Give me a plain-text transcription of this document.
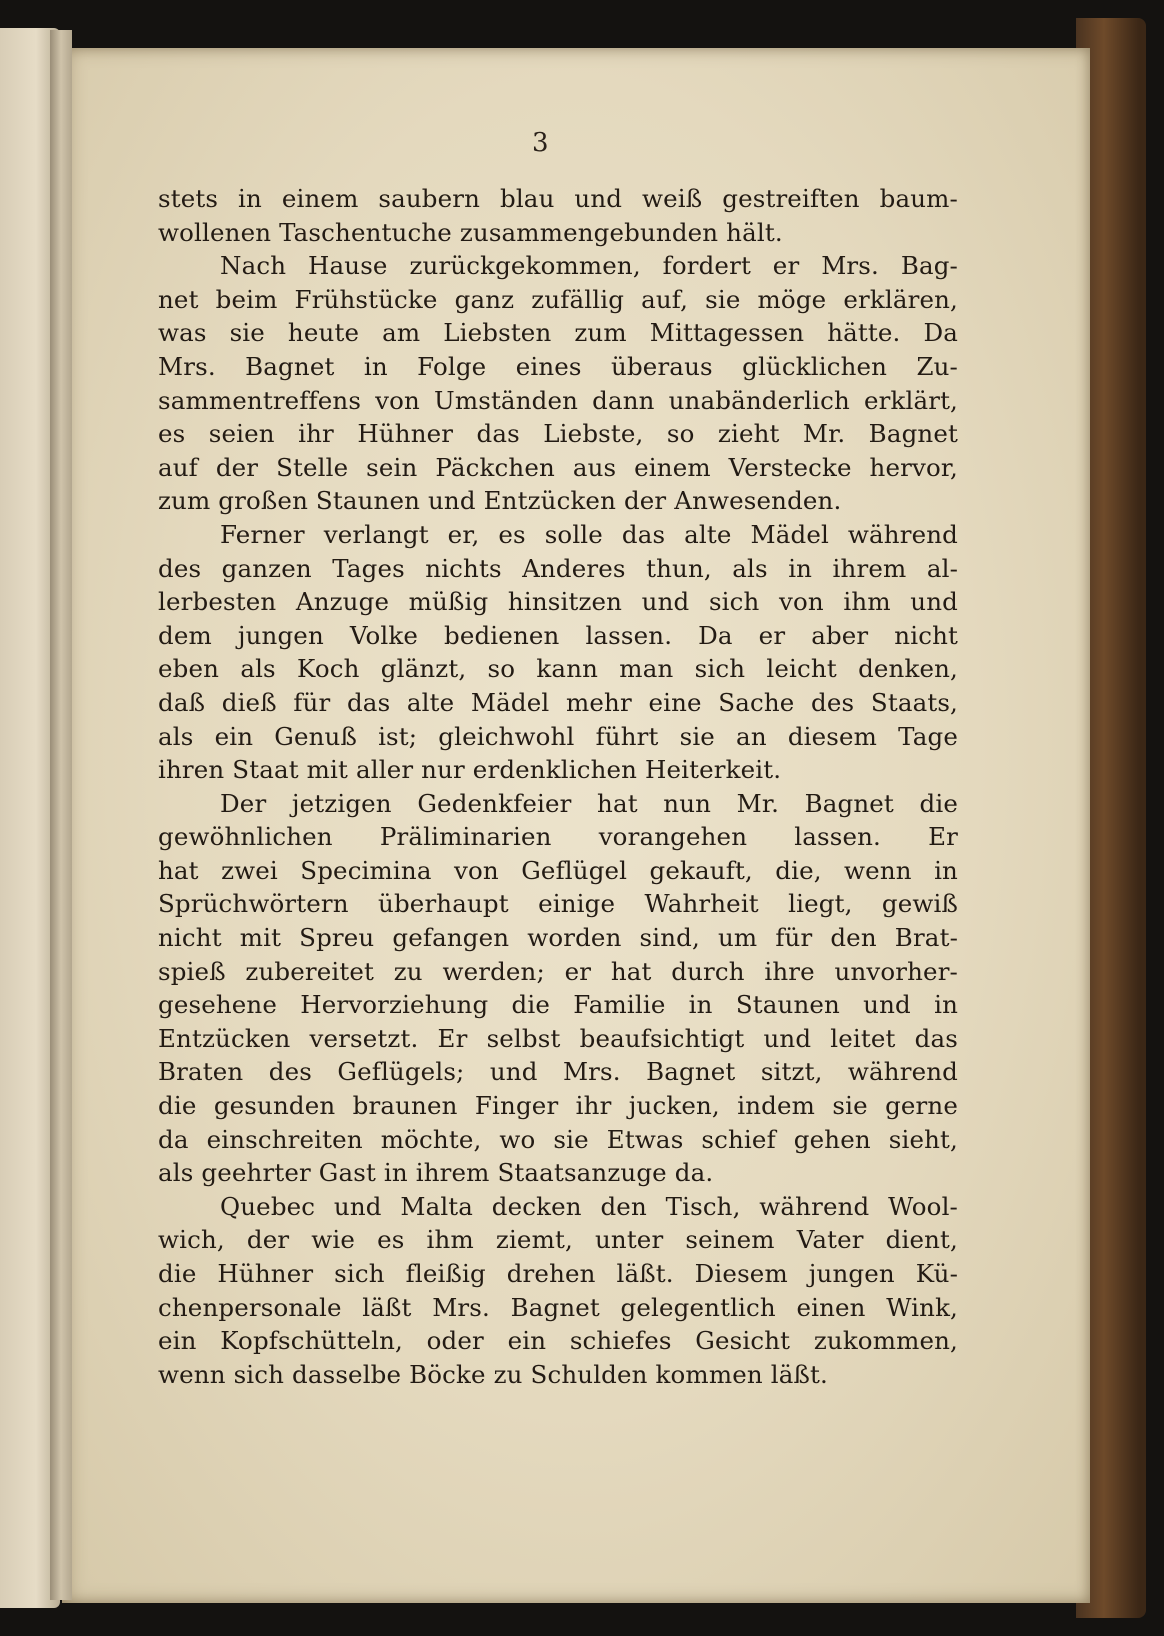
3
stets in einem saubern blau und weiß gestreiften baum-
wollenen Taschentuche zusammengebunden hält.
Nach Hause zurückgekommen, fordert er Mrs. Bag-
net beim Frühstücke ganz zufällig auf, sie möge erklären,
was sie heute am Liebsten zum Mittagessen hätte. Da
Mrs. Bagnet in Folge eines überaus glücklichen Zu-
sammentreffens von Umständen dann unabänderlich erklärt,
es seien ihr Hühner das Liebste, so zieht Mr. Bagnet
auf der Stelle sein Päckchen aus einem Verstecke hervor,
zum großen Staunen und Entzücken der Anwesenden.
Ferner verlangt er, es solle das alte Mädel während
des ganzen Tages nichts Anderes thun, als in ihrem al-
lerbesten Anzuge müßig hinsitzen und sich von ihm und
dem jungen Volke bedienen lassen. Da er aber nicht
eben als Koch glänzt, so kann man sich leicht denken,
daß dieß für das alte Mädel mehr eine Sache des Staats,
als ein Genuß ist; gleichwohl führt sie an diesem Tage
ihren Staat mit aller nur erdenklichen Heiterkeit.
Der jetzigen Gedenkfeier hat nun Mr. Bagnet die
gewöhnlichen Präliminarien vorangehen lassen. Er
hat zwei Specimina von Geflügel gekauft, die, wenn in
Sprüchwörtern überhaupt einige Wahrheit liegt, gewiß
nicht mit Spreu gefangen worden sind, um für den Brat-
spieß zubereitet zu werden; er hat durch ihre unvorher-
gesehene Hervorziehung die Familie in Staunen und in
Entzücken versetzt. Er selbst beaufsichtigt und leitet das
Braten des Geflügels; und Mrs. Bagnet sitzt, während
die gesunden braunen Finger ihr jucken, indem sie gerne
da einschreiten möchte, wo sie Etwas schief gehen sieht,
als geehrter Gast in ihrem Staatsanzuge da.
Quebec und Malta decken den Tisch, während Wool-
wich, der wie es ihm ziemt, unter seinem Vater dient,
die Hühner sich fleißig drehen läßt. Diesem jungen Kü-
chenpersonale läßt Mrs. Bagnet gelegentlich einen Wink,
ein Kopfschütteln, oder ein schiefes Gesicht zukommen,
wenn sich dasselbe Böcke zu Schulden kommen läßt.
